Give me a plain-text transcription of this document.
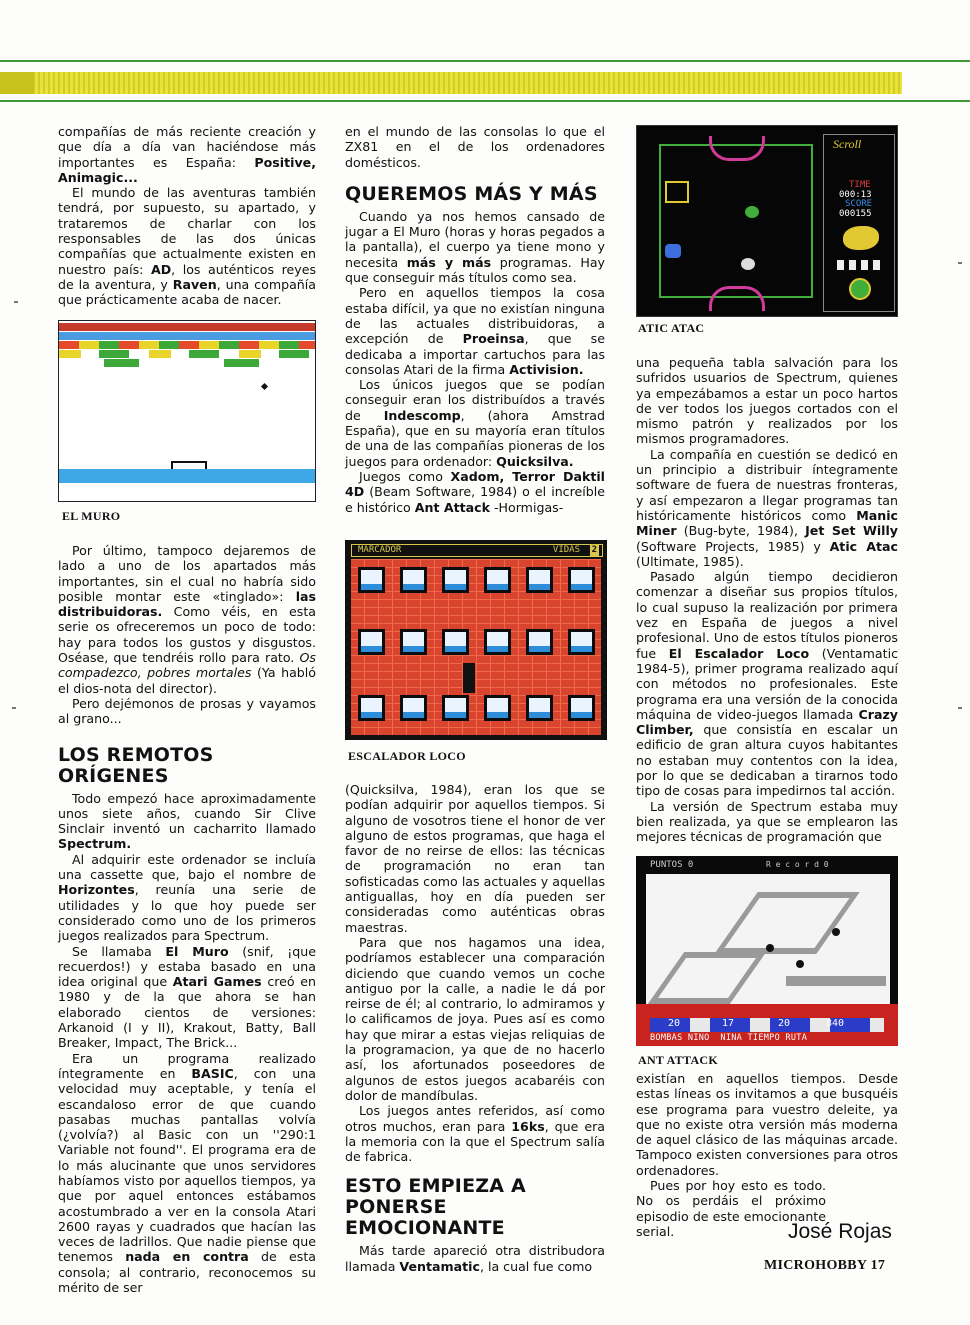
compañías de más reciente creación y que día a día van haciéndose más importantes es España: Positive, Animagic...

El mundo de las aventuras también tendrá, por supuesto, su apartado, y trataremos de charlar con los responsables de las dos únicas compañías que actualmente existen en nuestro país: AD, los auténticos reyes de la aventura, y Raven, una compañía que prácticamente acaba de nacer.

EL MURO

Por último, tampoco dejaremos de lado a uno de los apartados más importantes, sin el cual no habría sido posible montar este «tinglado»: las distribuidoras. Como véis, en esta serie os ofreceremos un poco de todo: hay para todos los gustos y disgustos. Oséase, que tendréis rollo para rato. Os compadezco, pobres mortales (Ya habló el dios-nota del director).

Pero dejémonos de prosas y vayamos al grano...

LOS REMOTOS ORÍGENES

Todo empezó hace aproximadamente unos siete años, cuando Sir Clive Sinclair inventó un cacharrito llamado Spectrum.

Al adquirir este ordenador se incluía una cassette que, bajo el nombre de Horizontes, reunía una serie de utilidades y lo que hoy puede ser considerado como uno de los primeros juegos realizados para Spectrum.

Se llamaba El Muro (snif, ¡que recuerdos!) y estaba basado en una idea original que Atari Games creó en 1980 y de la que ahora se han elaborado cientos de versiones: Arkanoid (I y II), Krakout, Batty, Ball Breaker, Impact, The Brick...

Era un programa realizado íntegramente en BASIC, con una velocidad muy aceptable, y tenía el escandaloso error de que cuando pasabas muchas pantallas volvía (¿volvía?) al Basic con un ''290:1 Variable not found''. El programa era de lo más alucinante que unos servidores habíamos visto por aquellos tiempos, ya que por aquel entonces estábamos acostumbrado a ver en la consola Atari 2600 rayas y cuadrados que hacían las veces de ladrillos. Que nadie piense que tenemos nada en contra de esta consola; al contrario, reconocemos su mérito de ser

en el mundo de las consolas lo que el ZX81 en el de los ordenadores domésticos.

QUEREMOS MÁS Y MÁS

Cuando ya nos hemos cansado de jugar a El Muro (horas y horas pegados a la pantalla), el cuerpo ya tiene mono y necesita más y más programas. Hay que conseguir más títulos como sea.

Pero en aquellos tiempos la cosa estaba difícil, ya que no existían ninguna de las actuales distribuidoras, a excepción de Proeinsa, que se dedicaba a importar cartuchos para las consolas Atari de la firma Activision.

Los únicos juegos que se podían conseguir eran los distribuídos a través de Indescomp, (ahora Amstrad España), que en su mayoría eran títulos de una de las compañías pioneras de los juegos para ordenador: Quicksilva.

Juegos como Xadom, Terror Daktil 4D (Beam Software, 1984) o el increíble e histórico Ant Attack -Hormigas-

MARCADOR	VIDAS 2
ESCALADOR LOCO

(Quicksilva, 1984), eran los que se podían adquirir por aquellos tiempos. Si alguno de vosotros tiene el honor de ver alguno de estos programas, que haga el favor de no reirse de ellos: las técnicas de programación no eran tan sofisticadas como las actuales y aquellas antiguallas, hoy en día pueden ser consideradas como auténticas obras maestras.

Para que nos hagamos una idea, podríamos establecer una comparación diciendo que cuando vemos un coche antiguo por la calle, a nadie le dá por reirse de él; al contrario, lo admiramos y lo calificamos de joya. Pues así es como hay que mirar a estas viejas reliquias de la programacion, ya que de no hacerlo así, los afortunados poseedores de algunos de estos juegos acabaréis con dolor de mandíbulas.

Los juegos antes referidos, así como otros muchos, eran para 16ks, que era la memoria con la que el Spectrum salía de fabrica.

ESTO EMPIEZA A PONERSE EMOCIONANTE

Más tarde apareció otra distribudora llamada Ventamatic, la cual fue como

Scroll
TIME
000:13
SCORE
000155
ATIC ATAC

una pequeña tabla salvación para los sufridos usuarios de Spectrum, quienes ya empezábamos a estar un poco hartos de ver todos los juegos cortados con el mismo patrón y realizados por los mismos programadores.

La compañía en cuestión se dedicó en un principio a distribuir íntegramente software de fuera de nuestras fronteras, y así empezaron a llegar programas tan históricamente históricos como Manic Miner (Bug-byte, 1984), Jet Set Willy (Software Projects, 1985) y Atic Atac (Ultimate, 1985).

Pasado algún tiempo decidieron comenzar a diseñar sus propios títulos, lo cual supuso la realización por primera vez en España de juegos a nivel profesional. Uno de estos títulos pioneros fue El Escalador Loco (Ventamatic 1984-5), primer programa realizado aquí con métodos no profesionales. Este programa era una versión de la conocida máquina de video-juegos llamada Crazy Climber, que consistía en escalar un edificio de gran altura cuyos habitantes no estaban muy contentos con la idea, por lo que se dedicaban a tirarnos todo tipo de cosas para impedirnos tal acción.

La versión de Spectrum estaba muy bien realizada, ya que se emplearon las mejores técnicas de programación que

PUNTOS 0	R e c o r d 0
20	17	20	840
BOMBAS NINO  NINA TIEMPO RUTA
ANT ATTACK

existían en aquellos tiempos. Desde estas líneas os invitamos a que busquéis ese programa para vuestro deleite, ya que no existe otra versión más moderna de aquel clásico de las máquinas arcade. Tampoco existen conversiones para otros ordenadores.

Pues por hoy esto es todo. No os perdáis el próximo episodio de este emocionante serial.	José Rojas
MICROHOBBY 17
